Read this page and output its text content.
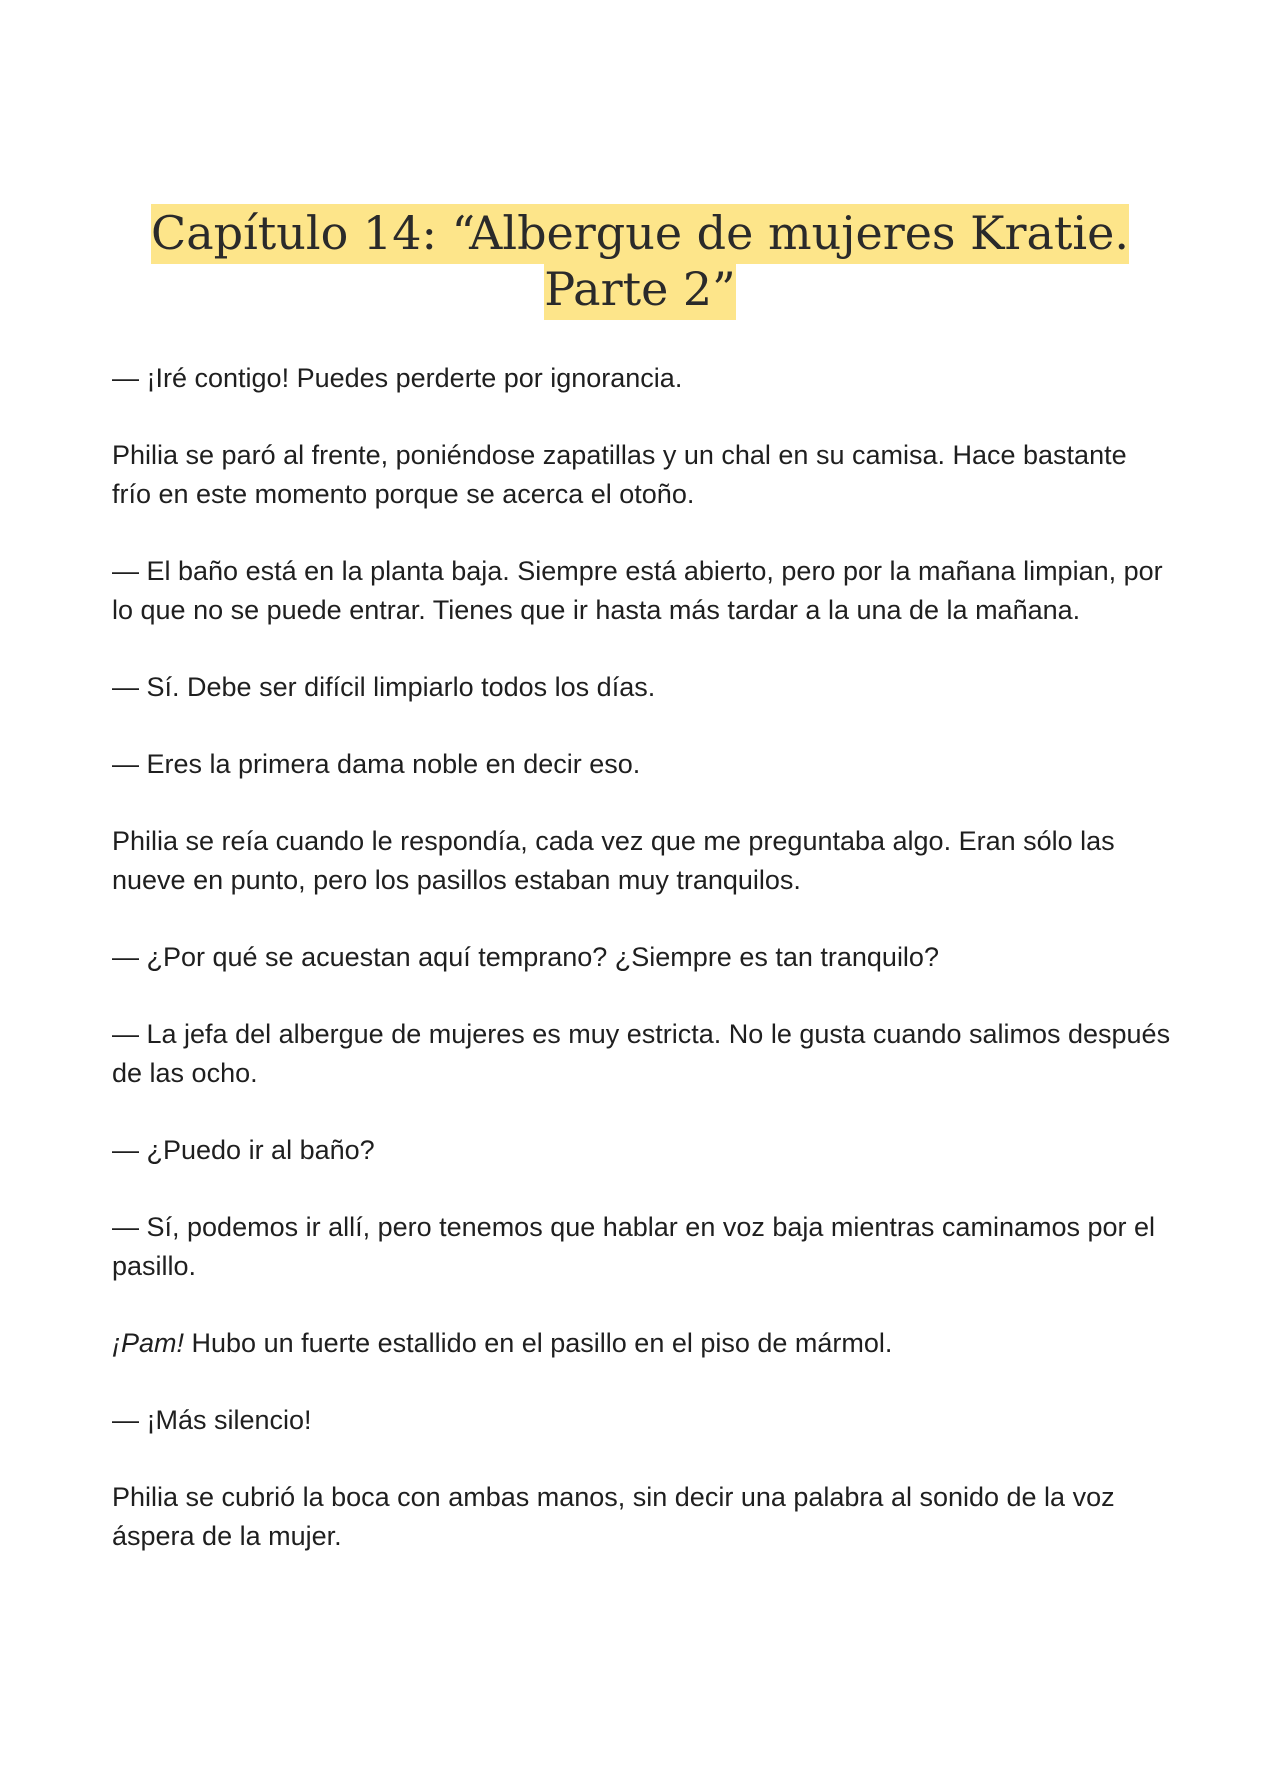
Capítulo 14: “Albergue de mujeres Kratie. Parte 2”

— ¡Iré contigo! Puedes perderte por ignorancia.

Philia se paró al frente, poniéndose zapatillas y un chal en su camisa. Hace bastante frío en este momento porque se acerca el otoño.

— El baño está en la planta baja. Siempre está abierto, pero por la mañana limpian, por lo que no se puede entrar. Tienes que ir hasta más tardar a la una de la mañana.

— Sí. Debe ser difícil limpiarlo todos los días.

— Eres la primera dama noble en decir eso.

Philia se reía cuando le respondía, cada vez que me preguntaba algo. Eran sólo las nueve en punto, pero los pasillos estaban muy tranquilos.

— ¿Por qué se acuestan aquí temprano? ¿Siempre es tan tranquilo?

— La jefa del albergue de mujeres es muy estricta. No le gusta cuando salimos después de las ocho.

— ¿Puedo ir al baño?

— Sí, podemos ir allí, pero tenemos que hablar en voz baja mientras caminamos por el pasillo.

¡Pam! Hubo un fuerte estallido en el pasillo en el piso de mármol.

— ¡Más silencio!

Philia se cubrió la boca con ambas manos, sin decir una palabra al sonido de la voz áspera de la mujer.
